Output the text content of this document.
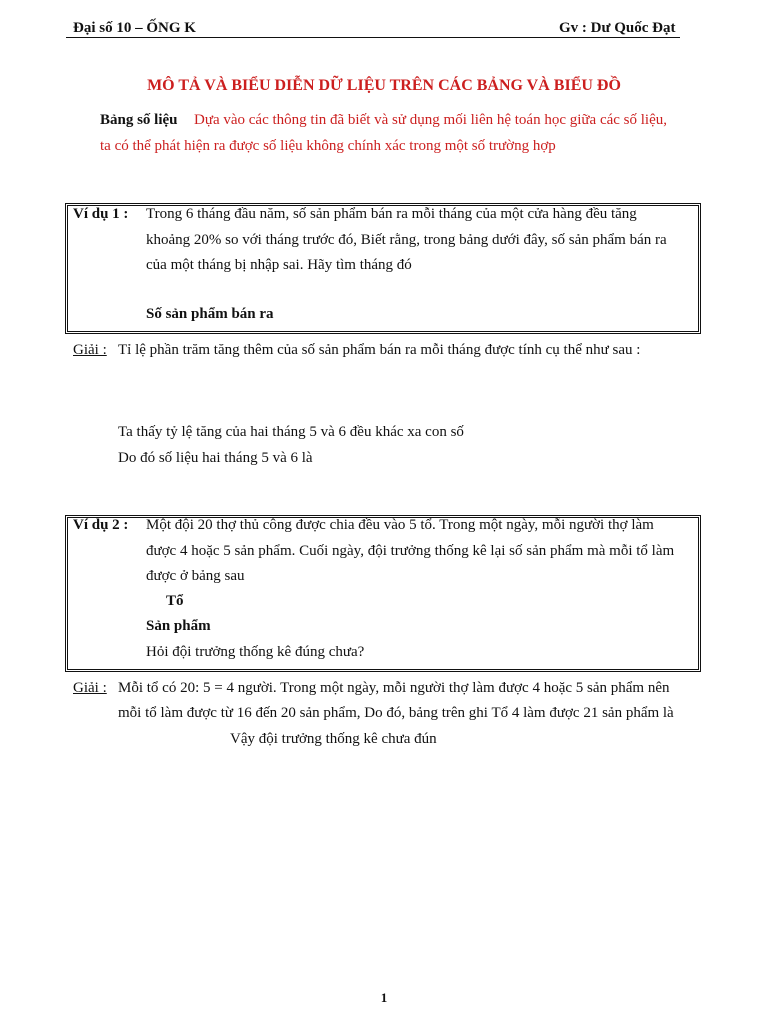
Đại số 10 – ỐNG K	Gv : Dư Quốc Đạt
MÔ TẢ VÀ BIỂU DIỄN DỮ LIỆU TRÊN CÁC BẢNG VÀ BIỂU ĐỒ
Bảng số liệu Dựa vào các thông tin đã biết và sử dụng mối liên hệ toán học giữa các số liệu,
ta có thể phát hiện ra được số liệu không chính xác trong một số trường hợp
Ví dụ 1 : Trong 6 tháng đầu năm, số sản phẩm bán ra mỗi tháng của một cửa hàng đều tăng
khoảng 20% so với tháng trước đó, Biết rằng, trong bảng dưới đây, số sản phẩm bán ra
của một tháng bị nhập sai. Hãy tìm tháng đó
Số sản phẩm bán ra
Giải : Tỉ lệ phần trăm tăng thêm của số sản phẩm bán ra mỗi tháng được tính cụ thể như sau :
Ta thấy tỷ lệ tăng của hai tháng 5 và 6 đều khác xa con số
Do đó số liệu hai tháng 5 và 6 là
Ví dụ 2 : Một đội 20 thợ thủ công được chia đều vào 5 tổ. Trong một ngày, mỗi người thợ làm
được 4 hoặc 5 sản phẩm. Cuối ngày, đội trưởng thống kê lại số sản phẩm mà mỗi tổ làm
được ở bảng sau
Tổ
Sản phẩm
Hỏi đội trưởng thống kê đúng chưa?
Giải : Mỗi tổ có 20: 5 = 4 người. Trong một ngày, mỗi người thợ làm được 4 hoặc 5 sản phẩm nên
mỗi tổ làm được từ 16 đến 20 sản phẩm, Do đó, bảng trên ghi Tổ 4 làm được 21 sản phẩm là
Vậy đội trưởng thống kê chưa đún
1
